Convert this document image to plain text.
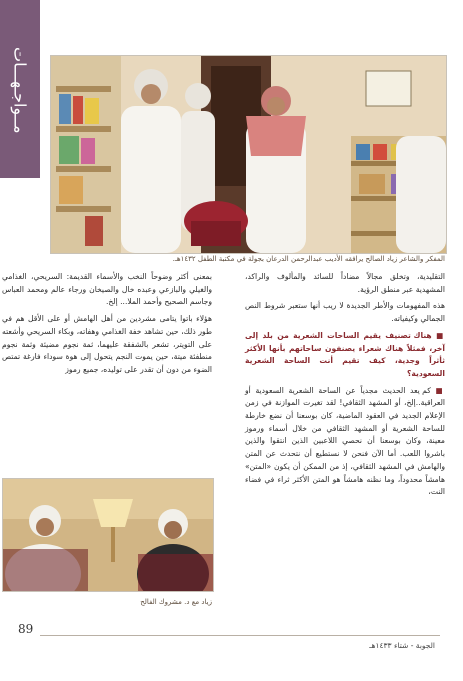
مــواجـهـــات
المفكر والشاعر زياد الصالح يرافقه الأديب عبدالرحمن الدرعان بجولة في مكتبة الطفل ١٤٣٢هـ.

التقليدية، وتخلق مجالاً مضاداً للسائد والمألوف والراكد، المشهدية عبر منطق الرؤية.

هذه المفهومات والأطر الجديدة لا ريب أنها ستعبر شروط النص الجمالي وكيفياته.

■ هناك تصنيف يقيم الساحات الشعرية من بلد إلى آخر، فمثلاً هناك شعراء يصنفون ساحاتهم بأنها الأكثر ثأثراً وجدية، كيف تقيم أنت الساحة الشعرية السعودية؟

■ كم يعد الحديث مجدياً عن الساحة الشعرية السعودية أو العراقية..إلخ، أو المشهد الثقافي! لقد تغيرت الموازنة في زمن الإعلام الجديد في العقود الماضية، كان بوسعنا أن نضع خارطة للساحة الشعرية أو المشهد الثقافي من خلال أسماء ورموز معينة، وكان بوسعنا أن نحصي اللاعبين الذين انتقوا والذين باشروا اللعب. أما الآن فنحن لا نستطيع أن نتحدث عن المتن والهامش في المشهد الثقافي، إذ من الممكن أن يكون «المتن» هامشاً محدوداً، وما نظنه هامشاً هو المتن الأكثر ثراء في فضاء النت،

بمعنى أكثر وضوحاً النخب والأسماء القديمة: السريحي، الغذامي والغيلي والبازعي وعبده خال والصيخان ورجاء عالم ومحمد العباس وجاسم الصحيح وأحمد الملا... إلخ.

هؤلاء باتوا يتامى مشردين من أهل الهامش أو على الأقل هم في طور ذلك، حين تشاهد خفة الغذامي وهفاته، وبكاء السريحي وأشعته على التويتر، تشعر بالشفقة عليهما، ثمة نجوم مضيئة وثمة نجوم منطفئة ميتة، حين يموت النجم يتحول إلى هوة سوداء فارغة تمتص الضوء من دون أن تقدر على توليده، جميع رموز

زياد مع د. مشروك الفالح
89
الجوبة - شتاء ١٤٣٣هـ
